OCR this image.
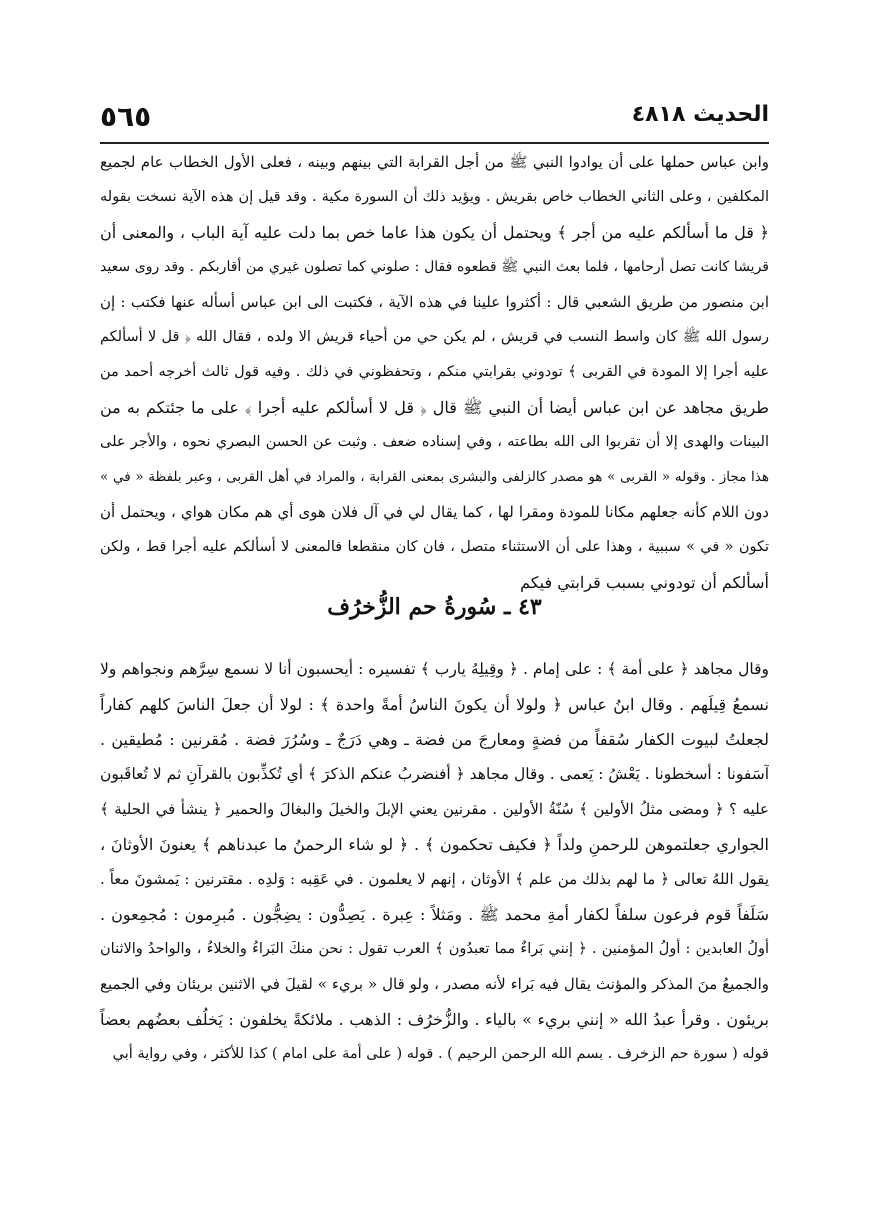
الحديث ٤٨١٨
٥٦٥

وابن عباس حملها على أن يوادوا النبي ﷺ من أجل القرابة التي بينهم وبينه ، فعلى الأول الخطاب عام لجميع

المكلفين ، وعلى الثاني الخطاب خاص بقريش . ويؤيد ذلك أن السورة مكية . وقد قيل إن هذه الآية نسخت بقوله

﴿ قل ما أسألكم عليه من أجر ﴾ ويحتمل أن يكون هذا عاما خص بما دلت عليه آية الباب ، والمعنى أن

قريشا كانت تصل أرحامها ، فلما بعث النبي ﷺ قطعوه فقال : صلوني كما تصلون غيري من أقاربكم . وقد روى سعيد

ابن منصور من طريق الشعبي قال : أكثروا علينا في هذه الآية ، فكتبت الى ابن عباس أسأله عنها فكتب : إن

رسول الله ﷺ كان واسط النسب في قريش ، لم يكن حي من أحياء قريش الا ولده ، فقال الله ﴿ قل لا أسألكم

عليه أجرا إلا المودة في القربى ﴾ تودوني بقرابتي منكم ، وتحفظوني في ذلك . وفيه قول ثالث أخرجه أحمد من

طريق مجاهد عن ابن عباس أيضا أن النبي ﷺ قال ﴿ قل لا أسألكم عليه أجرا ﴾ على ما جئتكم به من

البينات والهدى إلا أن تقربوا الى الله بطاعته ، وفي إسناده ضعف . وثبت عن الحسن البصري نحوه ، والأجر على

هذا مجاز . وقوله « القربى » هو مصدر كالزلفى والبشرى بمعنى القرابة ، والمراد في أهل القربى ، وعبر بلفظة « في »

دون اللام كأنه جعلهم مكانا للمودة ومقرا لها ، كما يقال لي في آل فلان هوى أي هم مكان هواي ، ويحتمل أن

تكون « في » سببية ، وهذا على أن الاستثناء متصل ، فان كان منقطعا فالمعنى لا أسألكم عليه أجرا قط ، ولكن

أسألكم أن تودوني بسبب قرابتي فيكم

٤٣ ـ سُورةُ حم الزُّخرُف

وقال مجاهد ﴿ على أمة ﴾ : على إمام . ﴿ وقِيلِهُ يارب ﴾ تفسيره : أيحسبون أنا لا نسمع سِرَّهم ونجواهم ولا

نسمعُ قِيلَهم . وقال ابنُ عباس ﴿ ولولا أن يكونَ الناسُ أمةً واحدة ﴾ : لولا أن جعلَ الناسَ كلهم كفاراً

لجعلتُ لبيوت الكفار سُقفاً من فضةٍ ومعارجَ من فضة ـ وهي دَرَجٌ ـ وسُرُرَ فضة . مُقرنين : مُطيقين .

آسَفونا : أسخطونا . يَعْشُ : يَعمى . وقال مجاهد ﴿ أفنضربُ عنكم الذكرَ ﴾ أي تُكذِّبون بالقرآنِ ثم لا تُعاقَبون

عليه ؟ ﴿ ومضى مثلُ الأولين ﴾ سُنّةُ الأولين . مقرنين يعني الإبلَ والخيلَ والبغالَ والحمير ﴿ ينشأ في الحلية ﴾

الجواري جعلتموهن للرحمنِ ولداً ﴿ فكيف تحكمون ﴾ . ﴿ لو شاء الرحمنُ ما عبدناهم ﴾ يعنونَ الأوثانَ ،

يقول اللهُ تعالى ﴿ ما لهم بذلك من علم ﴾ الأوثان ، إنهم لا يعلمون . في عَقِبه : وَلدِه . مقترنين : يَمشونَ معاً .

سَلَفاً قوم فرعون سلفاً لكفار أمةِ محمد ﷺ . ومَثلاً : عِبرة . يَصِدُّون : يضِجُّون . مُبرِمون : مُجمِعون .

أولُ العابدين : أولُ المؤمنين . ﴿ إنني بَراءٌ مما تعبدُون ﴾ العرب تقول : نحن منكَ البَراءُ والخلاءُ ، والواحدُ والاثنان

والجميعُ منَ المذكر والمؤنث يقال فيه بَراء لأنه مصدر ، ولو قال « بريء » لقيلَ في الاثنين بريئان وفي الجميع

بريئون . وقرأ عبدُ الله « إنني بريء » بالياء . والزُّخرُف : الذهب . ملائكةً يخلفون : يَخلُف بعضُهم بعضاً

قوله ( سورة حم الزخرف . بسم الله الرحمن الرحيم ) . قوله ( على أمة على امام ) كذا للأكثر ، وفي رواية أبي
